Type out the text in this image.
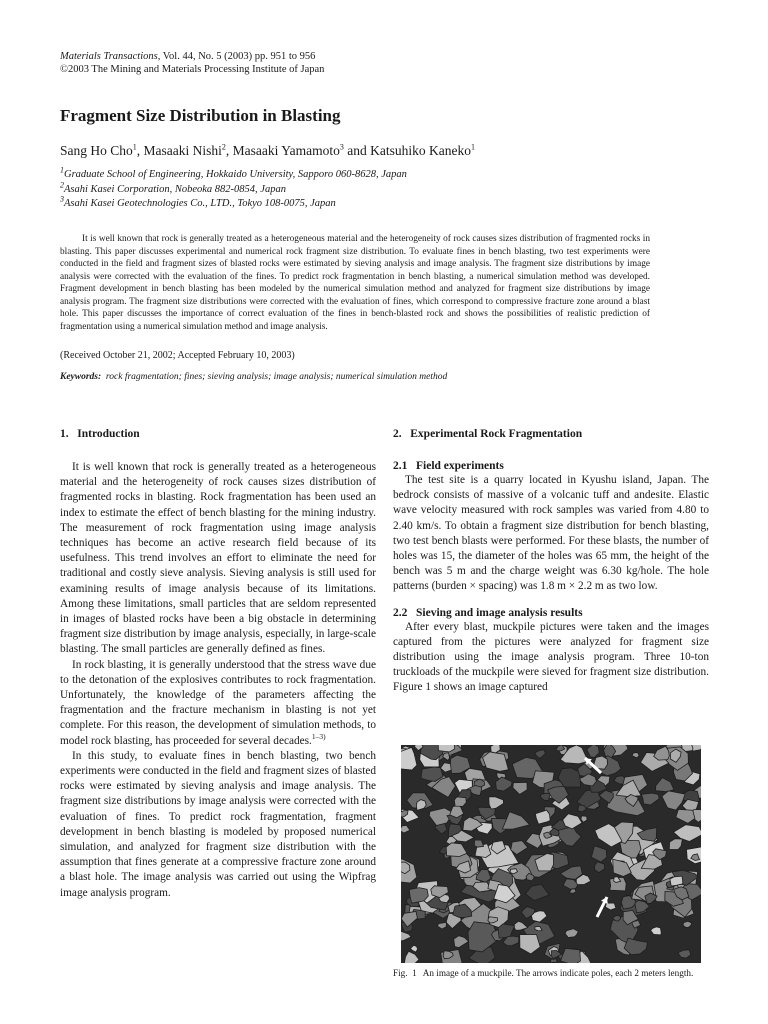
Materials Transactions, Vol. 44, No. 5 (2003) pp. 951 to 956
©2003 The Mining and Materials Processing Institute of Japan
Fragment Size Distribution in Blasting
Sang Ho Cho$^1$, Masaaki Nishi$^2$, Masaaki Yamamoto$^3$ and Katsuhiko Kaneko$^1$
$^1$Graduate School of Engineering, Hokkaido University, Sapporo 060-8628, Japan
$^2$Asahi Kasei Corporation, Nobeoka 882-0854, Japan
$^3$Asahi Kasei Geotechnologies Co., LTD., Tokyo 108-0075, Japan

It is well known that rock is generally treated as a heterogeneous material and the heterogeneity of rock causes sizes distribution of fragmented rocks in blasting. This paper discusses experimental and numerical rock fragment size distribution. To evaluate fines in bench blasting, two test experiments were conducted in the field and fragment sizes of blasted rocks were estimated by sieving analysis and image analysis. The fragment size distributions by image analysis were corrected with the evaluation of the fines. To predict rock fragmentation in bench blasting, a numerical simulation method was developed. Fragment development in bench blasting has been modeled by the numerical simulation method and analyzed for fragment size distributions by image analysis program. The fragment size distributions were corrected with the evaluation of fines, which correspond to compressive fracture zone around a blast hole. This paper discusses the importance of correct evaluation of the fines in bench-blasted rock and shows the possibilities of realistic prediction of fragmentation using a numerical simulation method and image analysis.

(Received October 21, 2002; Accepted February 10, 2003)
Keywords: rock fragmentation; fines; sieving analysis; image analysis; numerical simulation method
1.   Introduction

It is well known that rock is generally treated as a heterogeneous material and the heterogeneity of rock causes sizes distribution of fragmented rocks in blasting. Rock fragmentation has been used an index to estimate the effect of bench blasting for the mining industry. The measurement of rock fragmentation using image analysis techniques has become an active research field because of its usefulness. This trend involves an effort to eliminate the need for traditional and costly sieve analysis. Sieving analysis is still used for examining results of image analysis because of its limitations. Among these limitations, small particles that are seldom represented in images of blasted rocks have been a big obstacle in determining fragment size distribution by image analysis, especially, in large-scale blasting. The small particles are generally defined as fines.

In rock blasting, it is generally understood that the stress wave due to the detonation of the explosives contributes to rock fragmentation. Unfortunately, the knowledge of the parameters affecting the fragmentation and the fracture mechanism in blasting is not yet complete. For this reason, the development of simulation methods, to model rock blasting, has proceeded for several decades.$^{1-3)}$

In this study, to evaluate fines in bench blasting, two bench experiments were conducted in the field and fragment sizes of blasted rocks were estimated by sieving analysis and image analysis. The fragment size distributions by image analysis were corrected with the evaluation of fines. To predict rock fragmentation, fragment development in bench blasting is modeled by proposed numerical simulation, and analyzed for fragment size distribution with the assumption that fines generate at a compressive fracture zone around a blast hole. The image analysis was carried out using the Wipfrag image analysis program.

2.   Experimental Rock Fragmentation
2.1   Field experiments

The test site is a quarry located in Kyushu island, Japan. The bedrock consists of massive of a volcanic tuff and andesite. Elastic wave velocity measured with rock samples was varied from 4.80 to 2.40 km/s. To obtain a fragment size distribution for bench blasting, two test bench blasts were performed. For these blasts, the number of holes was 15, the diameter of the holes was 65 mm, the height of the bench was 5 m and the charge weight was 6.30 kg/hole. The hole patterns (burden × spacing) was 1.8 m × 2.2 m as two low.

2.2   Sieving and image analysis results

After every blast, muckpile pictures were taken and the images captured from the pictures were analyzed for fragment size distribution using the image analysis program. Three 10-ton truckloads of the muckpile were sieved for fragment size distribution. Figure 1 shows an image captured

Fig.  1 An image of a muckpile. The arrows indicate poles, each 2 meters length.
